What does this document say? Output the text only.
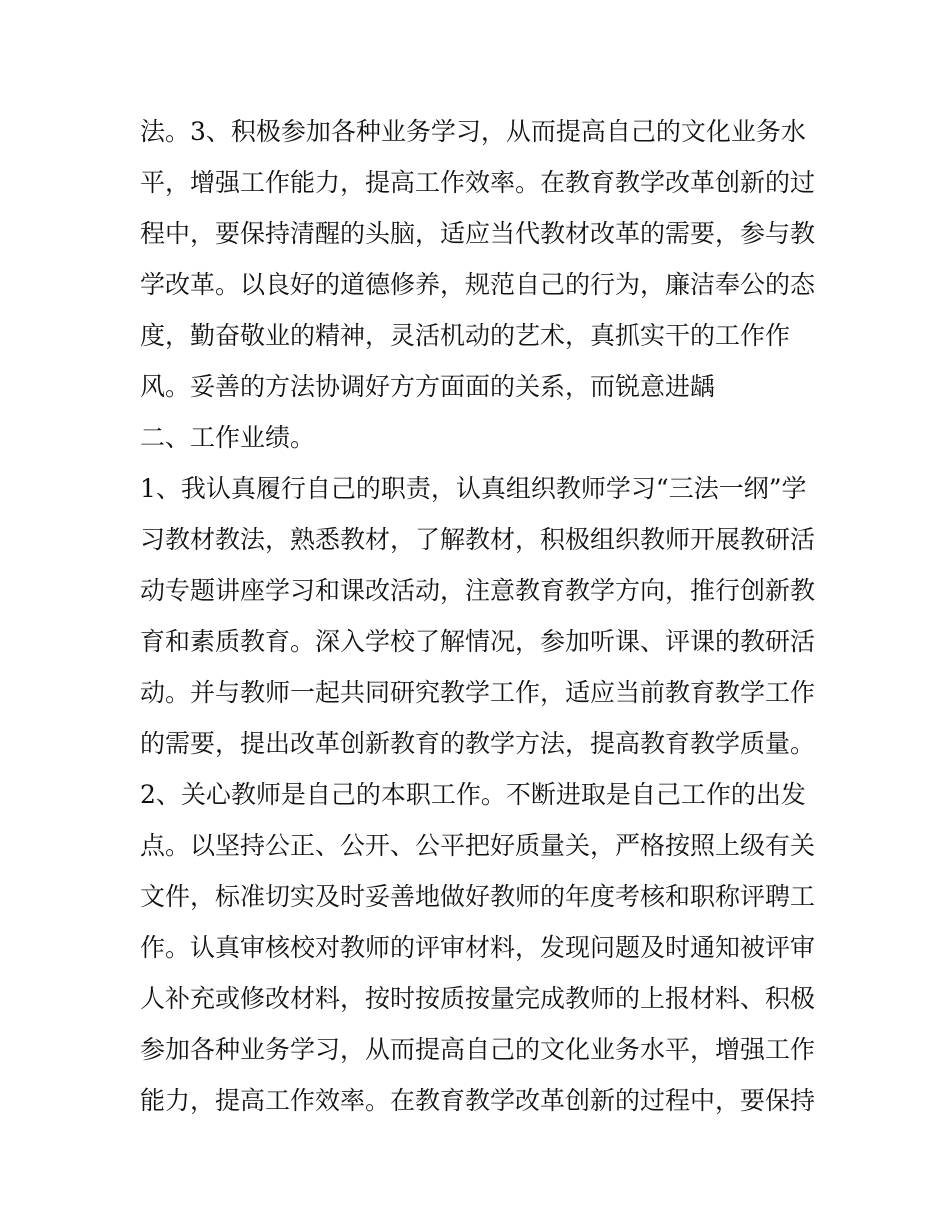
法。3、积极参加各种业务学习，从而提高自己的文化业务水
平，增强工作能力，提高工作效率。在教育教学改革创新的过
程中，要保持清醒的头脑，适应当代教材改革的需要，参与教
学改革。以良好的道德修养，规范自己的行为，廉洁奉公的态
度，勤奋敬业的精神，灵活机动的艺术，真抓实干的工作作
风。妥善的方法协调好方方面面的关系，而锐意进龋
二、工作业绩。
1、我认真履行自己的职责，认真组织教师学习“三法一纲”学
习教材教法，熟悉教材，了解教材，积极组织教师开展教研活
动专题讲座学习和课改活动，注意教育教学方向，推行创新教
育和素质教育。深入学校了解情况，参加听课、评课的教研活
动。并与教师一起共同研究教学工作，适应当前教育教学工作
的需要，提出改革创新教育的教学方法，提高教育教学质量。
2、关心教师是自己的本职工作。不断进取是自己工作的出发
点。以坚持公正、公开、公平把好质量关，严格按照上级有关
文件，标准切实及时妥善地做好教师的年度考核和职称评聘工
作。认真审核校对教师的评审材料，发现问题及时通知被评审
人补充或修改材料，按时按质按量完成教师的上报材料、积极
参加各种业务学习，从而提高自己的文化业务水平，增强工作
能力，提高工作效率。在教育教学改革创新的过程中，要保持
